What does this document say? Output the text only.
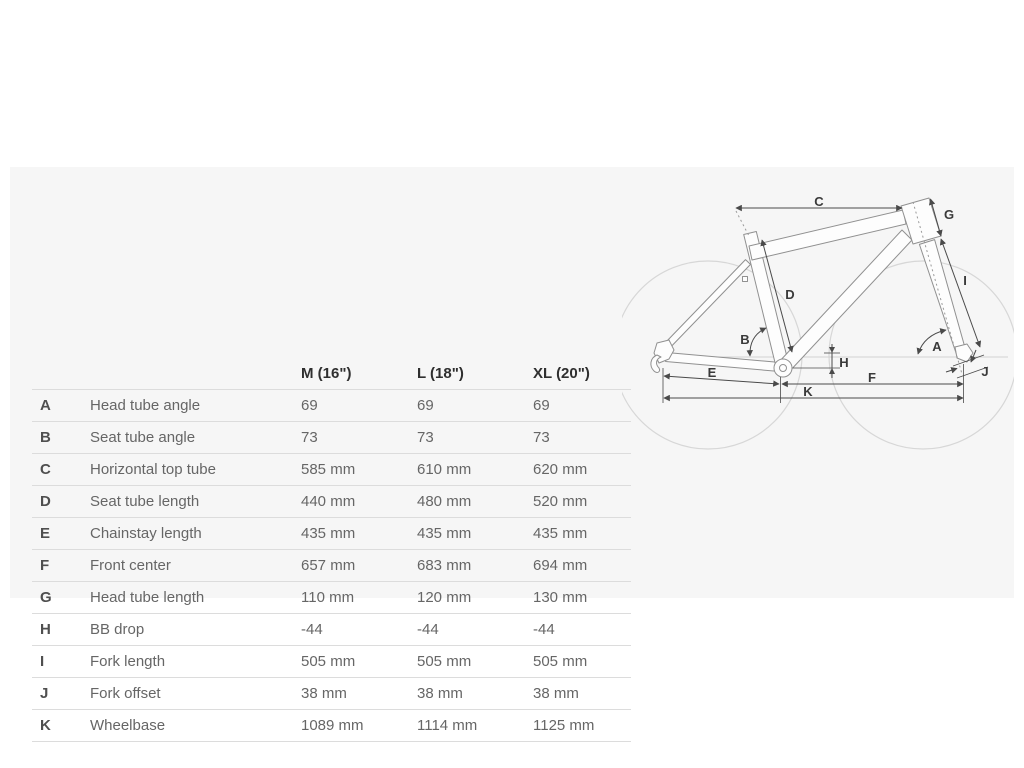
		M (16")	L (18")	XL (20")
A	Head tube angle	69	69	69
B	Seat tube angle	73	73	73
C	Horizontal top tube	585 mm	610 mm	620 mm
D	Seat tube length	440 mm	480 mm	520 mm
E	Chainstay length	435 mm	435 mm	435 mm
F	Front center	657 mm	683 mm	694 mm
G	Head tube length	110 mm	120 mm	130 mm
H	BB drop	-44	-44	-44
I	Fork length	505 mm	505 mm	505 mm
J	Fork offset	38 mm	38 mm	38 mm
K	Wheelbase	1089 mm	1114 mm	1125 mm
C
G
D
B	A
I
H
E	J
F
K
